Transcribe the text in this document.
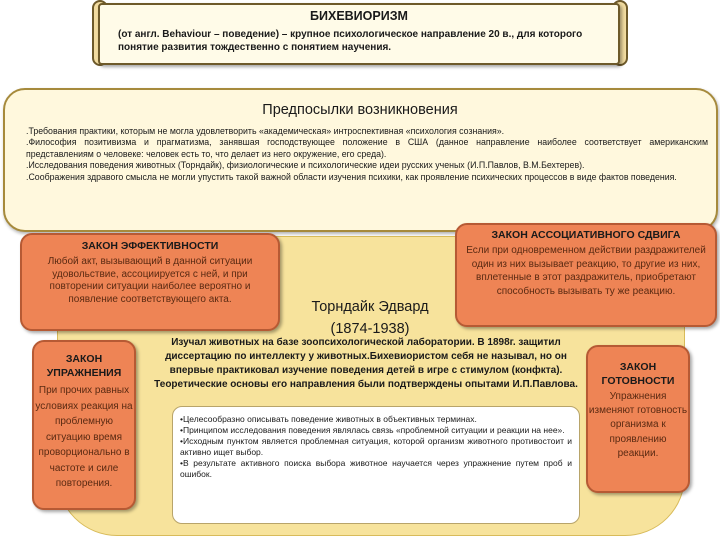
БИХЕВИОРИЗМ
(от англ. Behaviour – поведение) – крупное психологическое направление 20 в., для которого понятие развития тождественно с понятием научения.
Предпосылки возникновения

.Требования практики, которым не могла удовлетворить «академическая» интроспективная «психология сознания».

.Философия позитивизма и прагматизма, занявшая господствующее положение в США (данное направление наиболее соответствует американским представлениям о человеке: человек есть то, что делает из него окружение, его среда).

.Исследования поведения животных (Торндайк), физиологические и психологические идеи русских ученых (И.П.Павлов, В.М.Бехтерев).

.Соображения здравого смысла не могли упустить такой важной области изучения психики, как проявление психических процессов в виде фактов поведения.

ЗАКОН ЭФФЕКТИВНОСТИ
Любой акт, вызывающий в данной ситуации удовольствие, ассоциируется с ней, и при повторении ситуации наиболее вероятно и появление соответствующего акта.
ЗАКОН АССОЦИАТИВНОГО СДВИГА
Если при одновременном действии раздражителей один из них вызывает реакцию, то другие из них, вплетенные в этот раздражитель, приобретают способность вызывать ту же реакцию.
Торндайк Эдвард
(1874-1938)
ЗАКОН УПРАЖНЕНИЯ
При прочих равных условиях реакция на проблемную ситуацию время проворционально в частоте и силе повторения.
ЗАКОН ГОТОВНОСТИ
Упражнения изменяют готовность организма к проявлению реакции.
Изучал животных на базе зоопсихологической лаборатории. В 1898г. защитил диссертацию по интеллекту у животных.Бихевиористом себя не называл, но он впервые практиковал изучение поведения детей в игре с стимулом (конфкта). Теоретические основы его направления были подтверждены опытами И.П.Павлова.

•Целесообразно описывать поведение животных в объективных терминах.

•Принципом исследования поведения являлась связь «проблемной ситуации и реакции на нее».

•Исходным пунктом является проблемная ситуация, которой организм животного противостоит и активно ищет выбор.

•В результате активного поиска выбора животное научается через упражнение путем проб и ошибок.
